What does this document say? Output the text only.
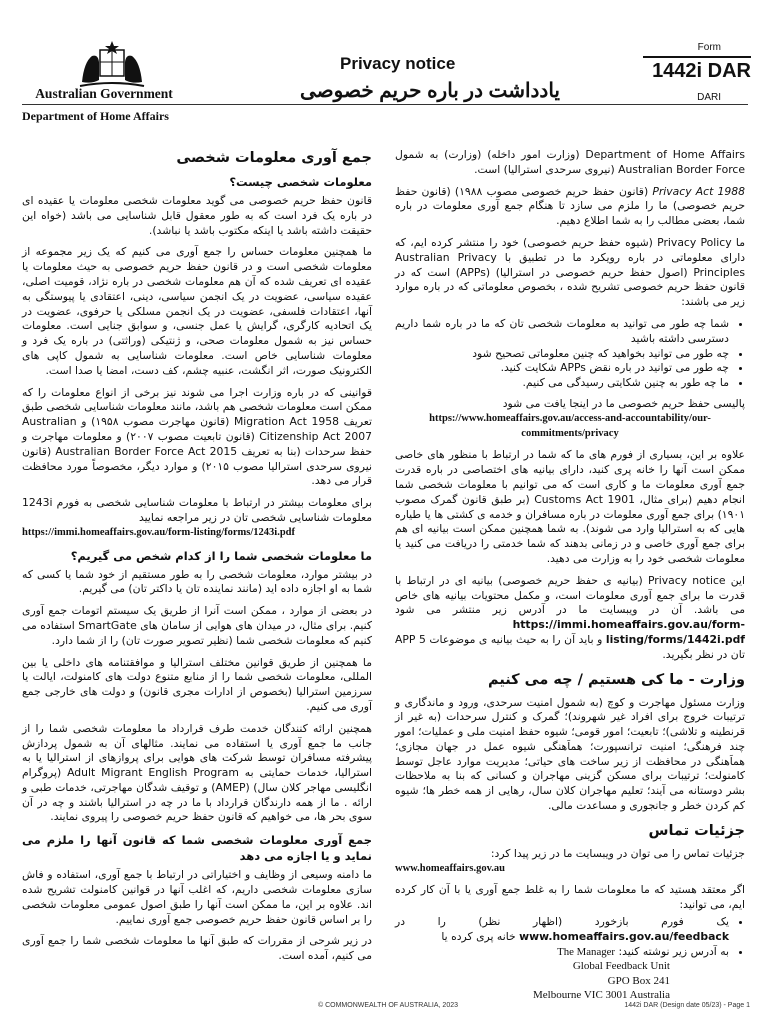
Australian Government
Department of Home Affairs
Privacy notice
یادداشت در باره حریم خصوصی
Form
1442i DAR
DARI

Department of Home Affairs (وزارت امور داخله) (وزارت) به شمول Australian Border Force (نیروی سرحدی استرالیا) است.

Privacy Act 1988 (قانون حفظ حریم خصوصی مصوب ۱۹۸۸) (قانون حفظ حریم خصوصی) ما را ملزم می سازد تا هنگام جمع آوری معلومات در باره شما، بعضی مطالب را به شما اطلاع دهیم.

ما Privacy Policy (شیوه حفظ حریم خصوصی) خود را منتشر کرده ایم، که دارای معلوماتی در باره رویکرد ما در تطبیق با Australian Privacy Principles (اصول حفظ حریم خصوصی در استرالیا) (APPs) است که در قانون حفظ حریم خصوصی تشریح شده ، بخصوص معلوماتی که در باره موارد زیر می باشند:

• شما چه طور می توانید به معلومات شخصی تان که ما در باره شما داریم دسترسی داشته باشید
• چه طور می توانید بخواهید که چنین معلوماتی تصحیح شود
• چه طور می توانید در باره نقض APPs شکایت کنید.
• ما چه طور به چنین شکایتی رسیدگی می کنیم.

پالیسی حفظ حریم خصوصی ما در اینجا یافت می شود
https://www.homeaffairs.gov.au/access-and-accountability/our-commitments/privacy

علاوه بر این، بسیاری از فورم های ما که شما در ارتباط با منظور های خاصی ممکن است آنها را خانه پری کنید، دارای بیانیه های اختصاصی در باره قدرت جمع آوری معلومات ما و کاری است که می توانیم با معلومات شخصی شما انجام دهیم (برای مثال، Customs Act 1901 (بر طبق قانون گمرک مصوب ۱۹۰۱) برای جمع آوری معلومات در باره مسافران و خدمه ی کشتی ها یا طیاره هایی که به استرالیا وارد می شوند). به شما همچنین ممکن است بیانیه ای هم برای جمع آوری خاصی و در زمانی بدهند که شما خدمتی را دریافت می کنید یا معلومات شخصی خود را به وزارت می دهید.

این Privacy notice (بیانیه ی حفظ حریم خصوصی) بیانیه ای در ارتباط با قدرت ما برای جمع آوری معلومات است، و مکمل محتویات بیانیه های خاص می باشد. آن در ویبسایت ما در آدرس زیر منتشر می شود https://immi.homeaffairs.gov.au/form-listing/forms/1442i.pdf و باید آن را به حیث بیانیه ی موضوعات 5 APP تان در نظر بگیرید.

وزارت - ما کی هستیم / چه می کنیم

وزارت مسئول مهاجرت و کوچ (به شمول امنیت سرحدی، ورود و ماندگاری و ترتیبات خروج برای افراد غیر شهروند)؛ گمرک و کنترل سرحدات (به غیر از قرنطینه و تلاشی)؛ تابعیت؛ امور قومی؛ شیوه حفظ امنیت ملی و عملیات؛ امور چند فرهنگی؛ امنیت ترانسپورت؛ هماَهنگی شیوه عمل در جهان مجازی؛ هماَهنگی در محافظت از زیر ساخت های حیاتی؛ مدیریت موارد عاجل توسط کامنولت؛ ترتیبات برای مسکن گزینی مهاجران و کسانی که بنا به ملاحظات بشر دوستانه می آیند؛ تعلیم مهاجران کلان سال، رهایی از همه خطر ها؛ شیوه کم کردن خطر و جانجوری و مساعدت مالی.

جزئیات تماس

جزئیات تماس را می توان در ویبسایت ما در زیر پیدا کرد:
www.homeaffairs.gov.au

اگر معتقد هستید که ما معلومات شما را به غلط جمع آوری یا با آن کار کرده ایم، می توانید:

• یک فورم بازخورد (اظهار نظر) را در www.homeaffairs.gov.au/feedback خانه پری کرده یا
• به آدرس زیر نوشته کنید: The Manager
Global Feedback Unit
GPO Box 241
Melbourne VIC 3001 Australia
جمع آوری معلومات شخصی
معلومات شخصی چیست؟

قانون حفظ حریم خصوصی می گوید معلومات شخصی معلومات یا عقیده ای در باره یک فرد است که به طور معقول قابل شناسایی می باشد (خواه این حقیقت داشته باشد یا اینکه مکتوب باشد یا نباشد).

ما همچنین معلومات حساس را جمع آوری می کنیم که یک زیر مجموعه از معلومات شخصی است و در قانون حفظ حریم خصوصی به حیث معلومات یا عقیده ای تعریف شده که آن هم معلومات شخصی در باره نژاد، قومیت اصلی، عقیده سیاسی، عضویت در یک انجمن سیاسی، دینی، اعتقادی یا پیوستگی به آنها، اعتقادات فلسفی، عضویت در یک انجمن مسلکی یا حرفوی، عضویت در یک اتحادیه کارگری، گرایش یا عمل جنسی، و سوابق جنایی است. معلومات حساس نیز به شمول معلومات صحی، و ژنتیکی (وراثتی) در باره یک فرد و معلومات شناسایی خاص است. معلومات شناسایی به شمول کاپی های الکترونیک صورت، اثر انگشت، عنبیه چشم، کف دست، امضا یا صدا است.

قوانینی که در باره وزارت اجرا می شوند نیز برخی از انواع معلومات را که ممکن است معلومات شخصی هم باشد، مانند معلومات شناسایی شخصی طبق تعریف Migration Act 1958 (قانون مهاجرت مصوب ۱۹۵۸) و Australian Citizenship Act 2007 (قانون تابعیت مصوب ۲۰۰۷) و معلومات مهاجرت و حفظ سرحدات (بنا به تعریف Australian Border Force Act 2015 (قانون نیروی سرحدی استرالیا مصوب ۲۰۱۵) و موارد دیگر، مخصوصاً مورد محافظت قرار می دهد.

برای معلومات بیشتر در ارتباط با معلومات شناسایی شخصی به فورم 1243i معلومات شناسایی شخصی تان در زیر مراجعه نمایید
https://immi.homeaffairs.gov.au/form-listing/forms/1243i.pdf

ما معلومات شخصی شما را از کدام شخص می گیریم؟

در بیشتر موارد، معلومات شخصی را به طور مستقیم از خود شما یا کسی که شما به او اجازه داده اید (مانند نماینده تان یا داکتر تان) می گیریم.

در بعضی از موارد ، ممکن است آنرا از طریق یک سیستم اتومات جمع آوری کنیم. برای مثال، در میدان های هوایی از سامان های SmartGate استفاده می کنیم که معلومات شخصی شما (نظیر تصویر صورت تان) را از شما دارد.

ما همچنین از طریق قوانین مختلف استرالیا و موافقتنامه های داخلی یا بین المللی، معلومات شخصی شما را از منابع متنوع دولت های کامنولت، ایالت یا سرزمین استرالیا (بخصوص از ادارات مجری قانون) و دولت های خارجی جمع آوری می کنیم.

همچنین ارائه کنندگان خدمت طرف قرارداد ما معلومات شخصی شما را از جانب ما جمع آوری یا استفاده می نمایند. مثالهای آن به شمول پردازش پیشرفته مسافران توسط شرکت های هوایی برای پروازهای از استرالیا یا به استرالیا، خدمات حمایتی به Adult Migrant English Program (پروگرام انگلیسی مهاجر کلان سال) (AMEP) و توقیف شدگان مهاجرتی، خدمات طبی و ارائه . ما از همه دارندگان قرارداد با ما در چه در استرالیا باشند و چه در آن سوی بحر ها، می خواهیم که قانون حفظ حریم خصوصی را پیروی نمایند.

جمع آوری معلومات شخصی شما که قانون آنها را ملزم می نماید و یا اجازه می دهد

ما دامنه وسیعی از وظایف و اختیاراتی در ارتباط با جمع آوری، استفاده و فاش سازی معلومات شخصی داریم، که اغلب آنها در قوانین کامنولت تشریح شده اند. علاوه بر این، ما ممکن است آنها را طبق اصول عمومی معلومات شخصی را بر اساس قانون حفظ حریم خصوصی جمع آوری نماییم.

در زیر شرحی از مقررات که طبق آنها ما معلومات شخصی شما را جمع آوری می کنیم، آمده است.

© COMMONWEALTH OF AUSTRALIA, 2023	1442i DAR (Design date 05/23) - Page 1
